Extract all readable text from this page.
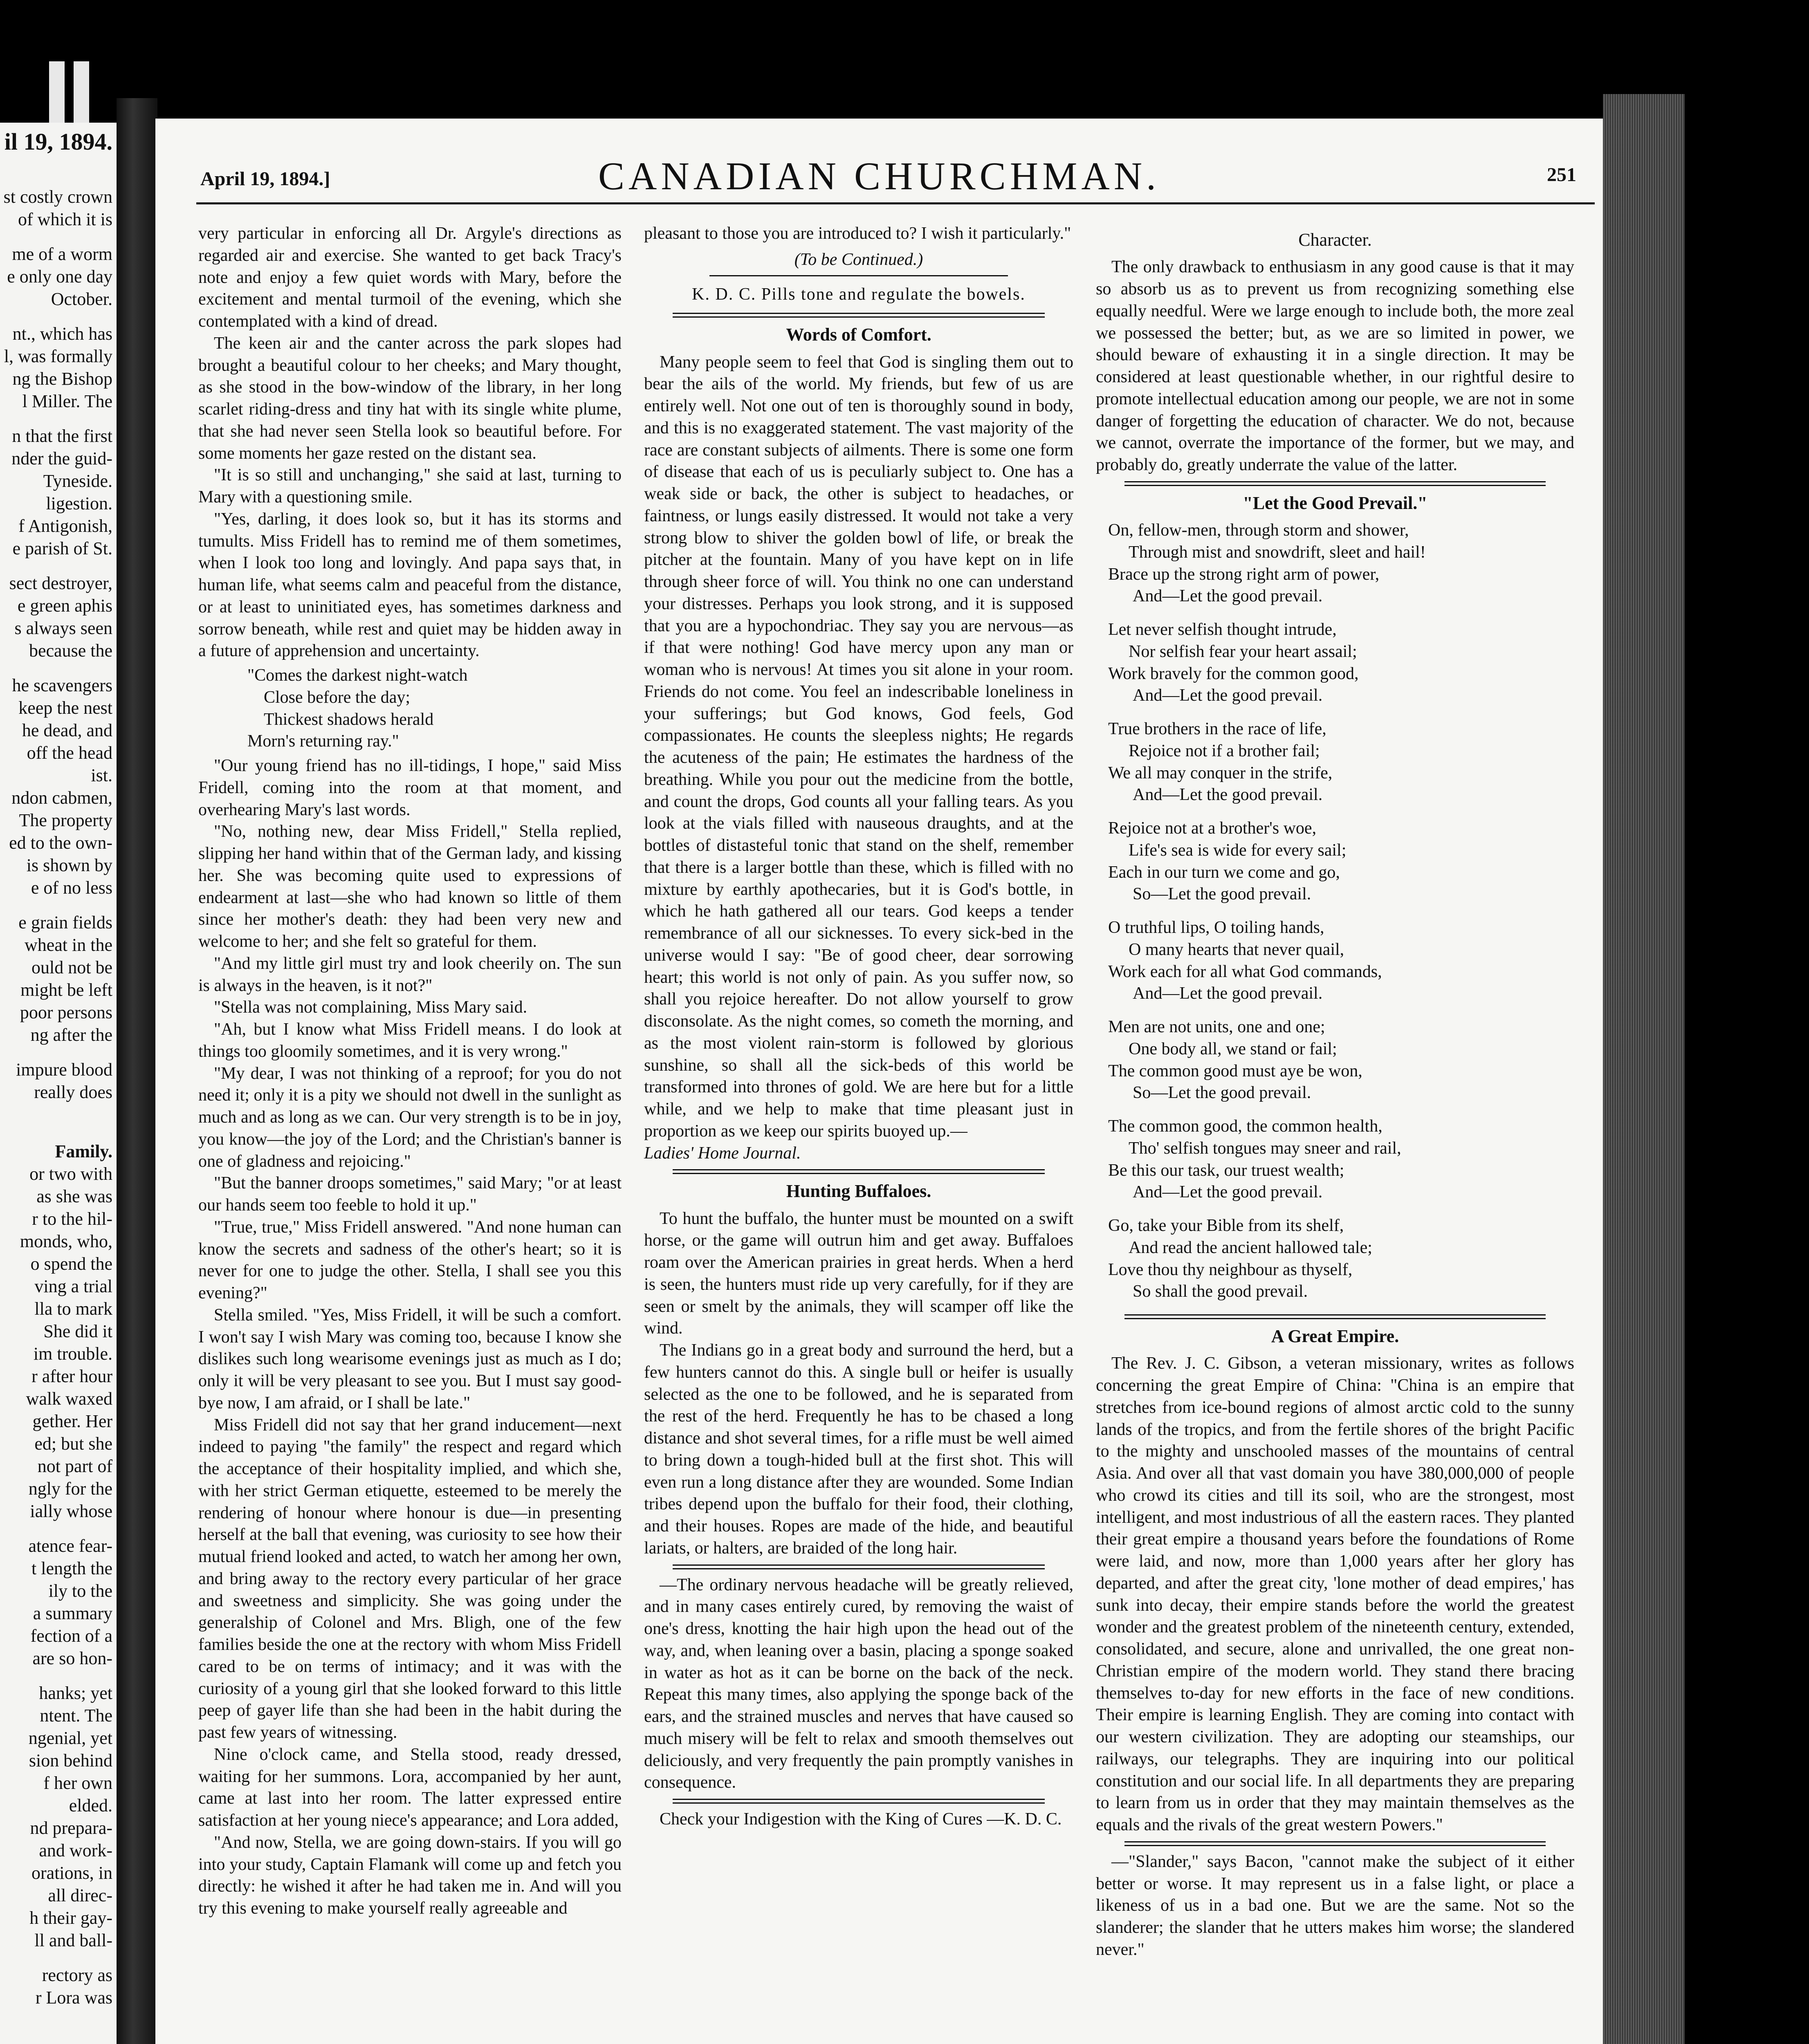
il 19, 1894.
st costly crown
of which it is
me of a worm
e only one day
October.
nt., which has
l, was formally
ng the Bishop
l Miller. The
n that the first
nder the guid-
Tyneside.
ligestion.
f Antigonish,
e parish of St.
sect destroyer,
e green aphis
s always seen
because the
he scavengers
keep the nest
he dead, and
off the head
ist.
ndon cabmen,
The property
ed to the own-
is shown by
e of no less
e grain fields
wheat in the
ould not be
might be left
poor persons
ng after the
impure blood
really does
Family.
or two with
as she was
r to the hil-
monds, who,
o spend the
ving a trial
lla to mark
She did it
im trouble.
r after hour
walk waxed
gether. Her
ed; but she
not part of
ngly for the
ially whose
atence fear-
t length the
ily to the
a summary
fection of a
are so hon-
hanks; yet
ntent. The
ngenial, yet
sion behind
f her own
elded.
nd prepara-
and work-
orations, in
all direc-
h their gay-
ll and ball-
rectory as
r Lora was
April 19, 1894.]	CANADIAN CHURCHMAN.	251

very particular in enforcing all Dr. Argyle's directions as regarded air and exercise. She wanted to get back Tracy's note and enjoy a few quiet words with Mary, before the excitement and mental turmoil of the evening, which she contemplated with a kind of dread.

The keen air and the canter across the park slopes had brought a beautiful colour to her cheeks; and Mary thought, as she stood in the bow-window of the library, in her long scarlet riding-dress and tiny hat with its single white plume, that she had never seen Stella look so beautiful before. For some moments her gaze rested on the distant sea.

"It is so still and unchanging," she said at last, turning to Mary with a questioning smile.

"Yes, darling, it does look so, but it has its storms and tumults. Miss Fridell has to remind me of them sometimes, when I look too long and lovingly. And papa says that, in human life, what seems calm and peaceful from the distance, or at least to uninitiated eyes, has sometimes darkness and sorrow beneath, while rest and quiet may be hidden away in a future of apprehension and uncertainty.

"Comes the darkest night-watch
Close before the day;
Thickest shadows herald
Morn's returning ray."

"Our young friend has no ill-tidings, I hope," said Miss Fridell, coming into the room at that moment, and overhearing Mary's last words.

"No, nothing new, dear Miss Fridell," Stella replied, slipping her hand within that of the German lady, and kissing her. She was becoming quite used to expressions of endearment at last—she who had known so little of them since her mother's death: they had been very new and welcome to her; and she felt so grateful for them.

"And my little girl must try and look cheerily on. The sun is always in the heaven, is it not?"

"Stella was not complaining, Miss Mary said.

"Ah, but I know what Miss Fridell means. I do look at things too gloomily sometimes, and it is very wrong."

"My dear, I was not thinking of a reproof; for you do not need it; only it is a pity we should not dwell in the sunlight as much and as long as we can. Our very strength is to be in joy, you know—the joy of the Lord; and the Christian's banner is one of gladness and rejoicing."

"But the banner droops sometimes," said Mary; "or at least our hands seem too feeble to hold it up."

"True, true," Miss Fridell answered. "And none human can know the secrets and sadness of the other's heart; so it is never for one to judge the other. Stella, I shall see you this evening?"

Stella smiled. "Yes, Miss Fridell, it will be such a comfort. I won't say I wish Mary was coming too, because I know she dislikes such long wearisome evenings just as much as I do; only it will be very pleasant to see you. But I must say good-bye now, I am afraid, or I shall be late."

Miss Fridell did not say that her grand inducement—next indeed to paying "the family" the respect and regard which the acceptance of their hospitality implied, and which she, with her strict German etiquette, esteemed to be merely the rendering of honour where honour is due—in presenting herself at the ball that evening, was curiosity to see how their mutual friend looked and acted, to watch her among her own, and bring away to the rectory every particular of her grace and sweetness and simplicity. She was going under the generalship of Colonel and Mrs. Bligh, one of the few families beside the one at the rectory with whom Miss Fridell cared to be on terms of intimacy; and it was with the curiosity of a young girl that she looked forward to this little peep of gayer life than she had been in the habit during the past few years of witnessing.

Nine o'clock came, and Stella stood, ready dressed, waiting for her summons. Lora, accompanied by her aunt, came at last into her room. The latter expressed entire satisfaction at her young niece's appearance; and Lora added,

"And now, Stella, we are going down-stairs. If you will go into your study, Captain Flamank will come up and fetch you directly: he wished it after he had taken me in. And will you try this evening to make yourself really agreeable and

pleasant to those you are introduced to? I wish it particularly."

(To be Continued.)
K. D. C. Pills tone and regulate the bowels.
Words of Comfort.

Many people seem to feel that God is singling them out to bear the ails of the world. My friends, but few of us are entirely well. Not one out of ten is thoroughly sound in body, and this is no exaggerated statement. The vast majority of the race are constant subjects of ailments. There is some one form of disease that each of us is peculiarly subject to. One has a weak side or back, the other is subject to headaches, or faintness, or lungs easily distressed. It would not take a very strong blow to shiver the golden bowl of life, or break the pitcher at the fountain. Many of you have kept on in life through sheer force of will. You think no one can understand your distresses. Perhaps you look strong, and it is supposed that you are a hypochondriac. They say you are nervous—as if that were nothing! God have mercy upon any man or woman who is nervous! At times you sit alone in your room. Friends do not come. You feel an indescribable loneliness in your sufferings; but God knows, God feels, God compassionates. He counts the sleepless nights; He regards the acuteness of the pain; He estimates the hardness of the breathing. While you pour out the medicine from the bottle, and count the drops, God counts all your falling tears. As you look at the vials filled with nauseous draughts, and at the bottles of distasteful tonic that stand on the shelf, remember that there is a larger bottle than these, which is filled with no mixture by earthly apothecaries, but it is God's bottle, in which he hath gathered all our tears. God keeps a tender remembrance of all our sicknesses. To every sick-bed in the universe would I say: "Be of good cheer, dear sorrowing heart; this world is not only of pain. As you suffer now, so shall you rejoice hereafter. Do not allow yourself to grow disconsolate. As the night comes, so cometh the morning, and as the most violent rain-storm is followed by glorious sunshine, so shall all the sick-beds of this world be transformed into thrones of gold. We are here but for a little while, and we help to make that time pleasant just in proportion as we keep our spirits buoyed up.—

Ladies' Home Journal.
Hunting Buffaloes.

To hunt the buffalo, the hunter must be mounted on a swift horse, or the game will outrun him and get away. Buffaloes roam over the American prairies in great herds. When a herd is seen, the hunters must ride up very carefully, for if they are seen or smelt by the animals, they will scamper off like the wind.

The Indians go in a great body and surround the herd, but a few hunters cannot do this. A single bull or heifer is usually selected as the one to be followed, and he is separated from the rest of the herd. Frequently he has to be chased a long distance and shot several times, for a rifle must be well aimed to bring down a tough-hided bull at the first shot. This will even run a long distance after they are wounded. Some Indian tribes depend upon the buffalo for their food, their clothing, and their houses. Ropes are made of the hide, and beautiful lariats, or halters, are braided of the long hair.

—The ordinary nervous headache will be greatly relieved, and in many cases entirely cured, by removing the waist of one's dress, knotting the hair high upon the head out of the way, and, when leaning over a basin, placing a sponge soaked in water as hot as it can be borne on the back of the neck. Repeat this many times, also applying the sponge back of the ears, and the strained muscles and nerves that have caused so much misery will be felt to relax and smooth themselves out deliciously, and very frequently the pain promptly vanishes in consequence.

Check your Indigestion with the King of Cures —K. D. C.

Character.

The only drawback to enthusiasm in any good cause is that it may so absorb us as to prevent us from recognizing something else equally needful. Were we large enough to include both, the more zeal we possessed the better; but, as we are so limited in power, we should beware of exhausting it in a single direction. It may be considered at least questionable whether, in our rightful desire to promote intellectual education among our people, we are not in some danger of forgetting the education of character. We do not, because we cannot, overrate the importance of the former, but we may, and probably do, greatly underrate the value of the latter.

"Let the Good Prevail."
On, fellow-men, through storm and shower,
Through mist and snowdrift, sleet and hail!
Brace up the strong right arm of power,
And—Let the good prevail.
Let never selfish thought intrude,
Nor selfish fear your heart assail;
Work bravely for the common good,
And—Let the good prevail.
True brothers in the race of life,
Rejoice not if a brother fail;
We all may conquer in the strife,
And—Let the good prevail.
Rejoice not at a brother's woe,
Life's sea is wide for every sail;
Each in our turn we come and go,
So—Let the good prevail.
O truthful lips, O toiling hands,
O many hearts that never quail,
Work each for all what God commands,
And—Let the good prevail.
Men are not units, one and one;
One body all, we stand or fail;
The common good must aye be won,
So—Let the good prevail.
The common good, the common health,
Tho' selfish tongues may sneer and rail,
Be this our task, our truest wealth;
And—Let the good prevail.
Go, take your Bible from its shelf,
And read the ancient hallowed tale;
Love thou thy neighbour as thyself,
So shall the good prevail.
A Great Empire.

The Rev. J. C. Gibson, a veteran missionary, writes as follows concerning the great Empire of China: "China is an empire that stretches from ice-bound regions of almost arctic cold to the sunny lands of the tropics, and from the fertile shores of the bright Pacific to the mighty and unschooled masses of the mountains of central Asia. And over all that vast domain you have 380,000,000 of people who crowd its cities and till its soil, who are the strongest, most intelligent, and most industrious of all the eastern races. They planted their great empire a thousand years before the foundations of Rome were laid, and now, more than 1,000 years after her glory has departed, and after the great city, 'lone mother of dead empires,' has sunk into decay, their empire stands before the world the greatest wonder and the greatest problem of the nineteenth century, extended, consolidated, and secure, alone and unrivalled, the one great non-Christian empire of the modern world. They stand there bracing themselves to-day for new efforts in the face of new conditions. Their empire is learning English. They are coming into contact with our western civilization. They are adopting our steamships, our railways, our telegraphs. They are inquiring into our political constitution and our social life. In all departments they are preparing to learn from us in order that they may maintain themselves as the equals and the rivals of the great western Powers."

—"Slander," says Bacon, "cannot make the subject of it either better or worse. It may represent us in a false light, or place a likeness of us in a bad one. But we are the same. Not so the slanderer; the slander that he utters makes him worse; the slandered never."
